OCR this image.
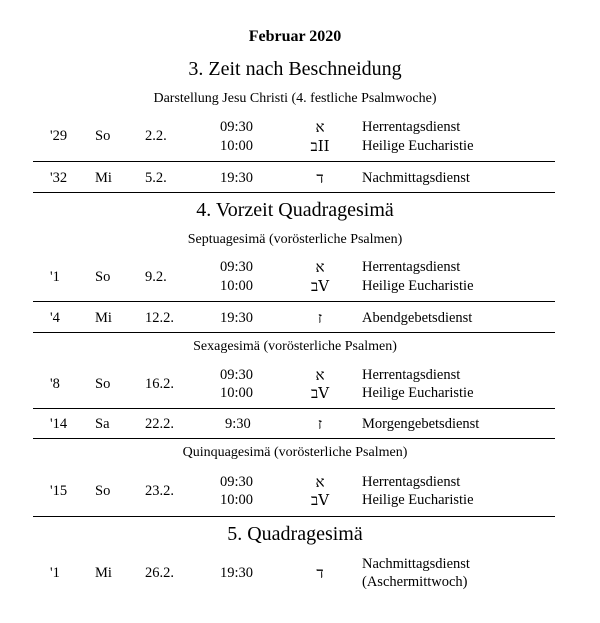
Februar 2020
3. Zeit nach Beschneidung
Darstellung Jesu Christi (4. festliche Psalmwoche)
'29 So 2.2.
09:30	א	Herrentagsdienst
10:00	בII	Heilige Eucharistie
'32 Mi 5.2.	19:30	ד	Nachmittagsdienst
4. Vorzeit Quadragesimä
Septuagesimä (vorösterliche Psalmen)
'1 So 9.2.
09:30	א	Herrentagsdienst
10:00	בV	Heilige Eucharistie
'4 Mi 12.2.	19:30	ז	Abendgebetsdienst
Sexagesimä (vorösterliche Psalmen)
'8 So 16.2.
09:30	א	Herrentagsdienst
10:00	בV	Heilige Eucharistie
'14 Sa 22.2.	9:30	ז	Morgengebetsdienst
Quinquagesimä (vorösterliche Psalmen)
'15 So 23.2.
09:30	א	Herrentagsdienst
10:00	בV	Heilige Eucharistie
5. Quadragesimä
'1 Mi 26.2.	19:30	ד	Nachmittagsdienst
(Aschermittwoch)
